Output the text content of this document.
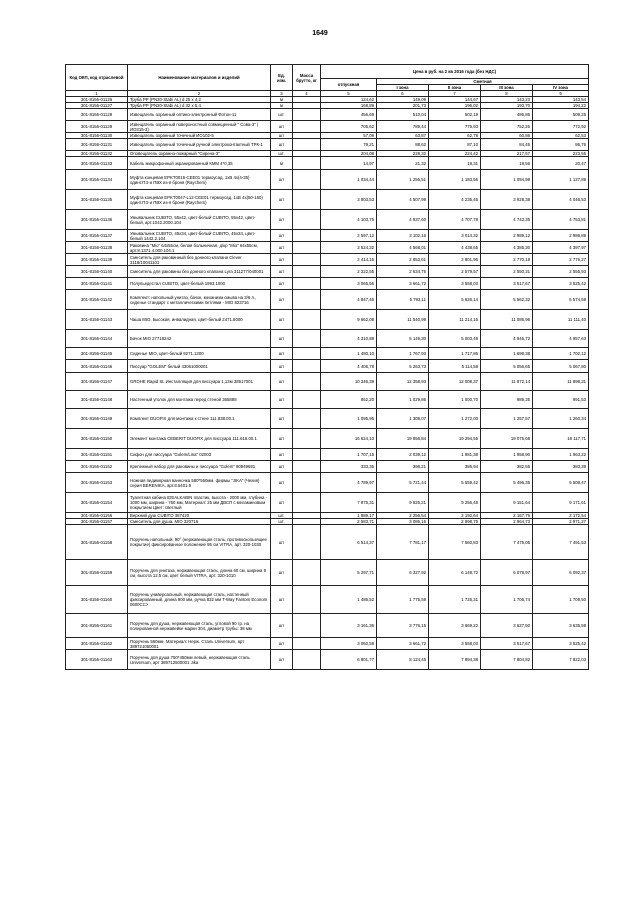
1649
Код ОКП, код отраслевой	Наименование материалов и изделий	Ед. изм.	Масса брутто, кг	Цена в руб. на 2 кв 2016 года (без НДС)				
				отпускная	Сметная			
					I зона	II зона	III зона	IV зона
1	2	3	4	5	6	7	8	9
301-8156-01126	Труба PP (PN20-Stabi AL) d 25 х 4,2	м		124,62	149,09	144,67	143,23	143,54
301-8156-01127	Труба PP (PN20-Stabi AL) d 32 х 5,4	м		168,89	201,73	196,02	193,70	194,22
301-8156-01128	Извещатель охранный оптико-электронный Фотон-11	шт.		456,69	510,04	502,19	486,86	509,25
301-8156-01129	Извещатель охранный поверхностный совмещенный " Сова-3" ( ИО315-3)	шт		705,62	789,44	775,93	752,26	772,92
301-8156-01130	Извещатель охранный точечный ИО102-5	шт		57,09	63,87	62,78	60,86	62,53
301-8156-01131	Извещатель охранный точечный ручной электроконтактный ТРК-1	шт		79,21	88,62	87,10	84,45	86,76
301-8156-01132	Оповещатель охранно-пожарный "Сирена-3"	шт.		204,08	228,32	224,42	217,57	223,55
301-8156-01133	Кабель микрофонный экранированный КММ 4*0,35	м		14,97	21,32	18,31	18,56	20,47
301-8156-01134	Муфта концевая EPKT0015-CEE01 термоусад. 1хВ 4х(4-35) одинт.ПЭ и ПВХ из-я броня (Raychem)	шт		1 034,44	1 256,51	1 183,56	1 094,98	1 127,89
301-8156-01135	Муфта концевая EPKT0047-L12-CEE01 термоусад. 1хВ 4х(50-150) одинт.ПЭ и ПВХ из-я броня (Raychem)	шт		3 803,53	4 507,99	4 235,45	3 928,38	4 046,53
301-8156-01136	Умывальник CUBITO, 55х42, цвет-белый CUBITO, 55х42, цвет-белый, арт.1042.2000.104	шт		4 103,75	4 937,60	4 707,78	4 743,35	4 753,81
301-8156-01137	Умывальник CUBITO, 45х34, цвет-белый CUBITO, 45х34, цвет-белый 1442.2.104	шт		2 597,12	3 102,16	3 014,32	2 989,12	2 986,89
301-8156-01138	Раковина "Mio" 64х55см, белая больничная, д/кр "Mio" 64х55см, арт.8.1371.4.000.104.1	шт		3 624,32	4 568,01	4 438,65	4 385,30	4 397,97
301-8156-01139	Смеситель для раковинный без донного клапана Clever 3118/10041101	шт		2 414,15	2 853,61	2 801,95	2 770,18	2 776,27
301-8156-01140	Смеситель для раковины без донного клапана Lyra 311277/040001	шт		2 222,55	2 634,75	2 579,57	2 550,31	2 555,93
301-8156-01141	Полупьедестал CUBITO, цвет-белый 1993.1000	шт		3 065,56	3 661,72	3 558,03	3 517,67	3 525,42
301-8156-01142	Комплект: напольный унитаз, бачок, механизм смыва на 3/6 л., сиденье стандарт с металлическими петлями - MIO 823716	шт		4 847,46	5 793,11	5 626,14	5 562,32	5 574,58
301-8156-01143	Чаша MIO, высокая, инвалидная, цвет-белый 2471.8000	шт		9 662,09	11 540,99	11 214,16	11 086,96	11 111,40
301-8156-01144	Бачок MIO 27718242	шт		4 310,88	5 149,30	5 003,49	4 946,72	4 957,63
301-8156-01145	Сиденье MIO, цвет-белый 9271.1300	шт		1 480,10	1 767,93	1 717,86	1 698,38	1 702,12
301-8156-01146	Писсуар "GOLEM" белый 43061000001	шт		4 406,78	5 263,73	5 114,58	5 056,65	5 067,80
301-8156-01147	GROHE Rapid SL Инсталляция для писсуара 1,13м 38517001	шт		10 346,39	12 358,93	12 008,37	11 872,14	11 898,31
301-8156-01148	Настенный уголок для монтажа перед стеной 365888	шт		862,20	1 029,86	1 000,70	989,35	991,53
301-8156-01149	Комплект DUOFIX для монтажа к стене 111.838.00.1	шт		1 095,95	1 309,07	1 272,00	1 257,57	1 260,34
301-8156-01150	Элемент монтажа CEBERIT DUOFIX для писсуара 111.616.00.1	шт		16 624,10	19 856,84	19 294,55	19 075,68	19 117,71
301-8156-01151	Сифон для писсуара "Golem/Lina" 02003	шт		1 707,15	2 039,12	1 981,38	1 958,90	1 963,22
301-8156-01152	Крепежный набор для раковины и писсуара "Golem" 90949691	шт		333,36	398,21	386,94	382,55	383,39
301-8156-01153	Ножная педикюрная ванночка 580*560мм. фирмы "JIKA" (Чехия) серия BERENIKA, арт.8.5401.9	шт		4 789,97	5 721,44	5 559,42	5 496,35	5 508,47
301-8156-01154	Туалетная кабина IDEALKABIN пластик, высота - 2000 мм, глубина - 1000 мм, ширина - 760 мм, Материал: 25 мм ДВСП с меламиновым покрытием Цвет: светлый	шт		7 875,31	9 626,21	9 256,45	9 151,64	9 171,61
301-8156-01156	Верхний душ CUBITO 387420	шт.		1 889,17	2 256,54	2 192,64	2 167,76	2 172,54
301-8156-01157	Смеситель для душа. MIO 320716	шт.		2 583,71	3 086,15	2 998,75	2 964,73	2 971,27
301-8156-01158	Поручень напольный, 90° (нержавеющая сталь, противоскользящее покрытие) фиксированное положение 95 см VITRA, арт. 320-1030	шт		6 514,37	7 781,17	7 560,83	7 475,05	7 491,53
301-8156-01159	Поручень для унитаза, нержавеющая сталь, длина 60 см, ширина 9 см, высота 12,5 см, цвет белый VITRA, арт. 320-1010	шт		5 297,71	6 327,92	6 148,72	6 078,97	6 092,37
301-8156-01160	Поручень универсальный, нержавеющая сталь, настенный фиксированный, длина 900 мм, ручка 832 мм T-Way Fantom Econom 0600CC>	шт		1 486,52	1 775,59	1 725,31	1 705,74	1 709,50
301-8156-01161	Поручень для душа, нержавеющая сталь, угловой 90 гр. на полированной нержавейке марки 304, диаметр трубы: 38 мм	шт		3 161,36	3 776,15	3 669,22	3 627,50	3 635,59
301-8156-01162	Поручень 560мм. Материал: Нерж. Сталь Universum, арт 389721060001	шт		3 060,58	3 661,72	3 558,03	3 517,67	3 525,42
301-8156-01163	Поручень для душа 750*450мм левый, нержавеющая сталь Universum, арт 389712500001 Jika	шт		6 801,77	8 124,45	7 894,38	7 804,82	7 822,03
